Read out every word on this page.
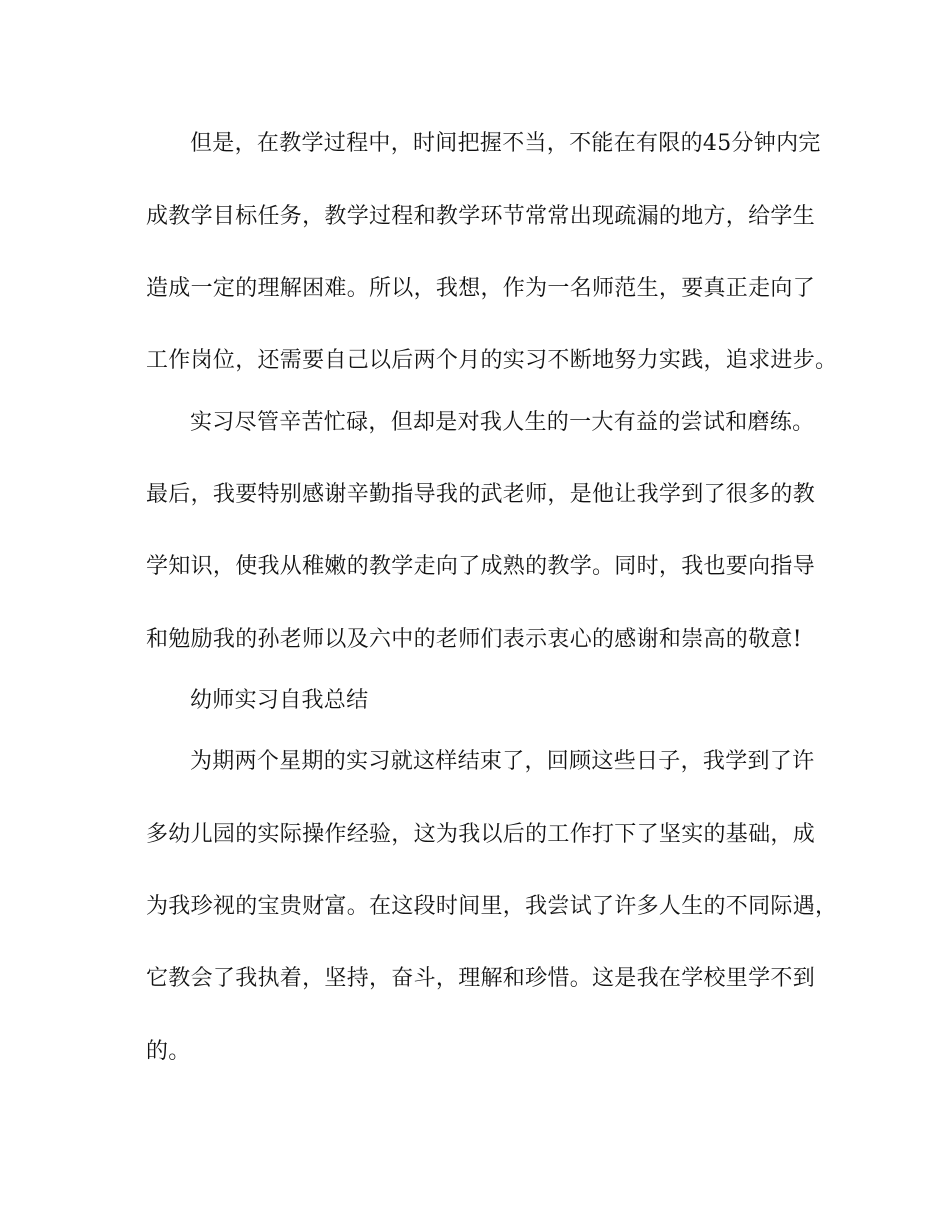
但是，在教学过程中，时间把握不当，不能在有限的45分钟内完
成教学目标任务，教学过程和教学环节常常出现疏漏的地方，给学生
造成一定的理解困难。所以，我想，作为一名师范生，要真正走向了
工作岗位，还需要自己以后两个月的实习不断地努力实践，追求进步。
实习尽管辛苦忙碌，但却是对我人生的一大有益的尝试和磨练。
最后，我要特别感谢辛勤指导我的武老师，是他让我学到了很多的教
学知识，使我从稚嫩的教学走向了成熟的教学。同时，我也要向指导
和勉励我的孙老师以及六中的老师们表示衷心的感谢和崇高的敬意!
幼师实习自我总结
为期两个星期的实习就这样结束了，回顾这些日子，我学到了许
多幼儿园的实际操作经验，这为我以后的工作打下了坚实的基础，成
为我珍视的宝贵财富。在这段时间里，我尝试了许多人生的不同际遇，
它教会了我执着，坚持，奋斗，理解和珍惜。这是我在学校里学不到
的。
